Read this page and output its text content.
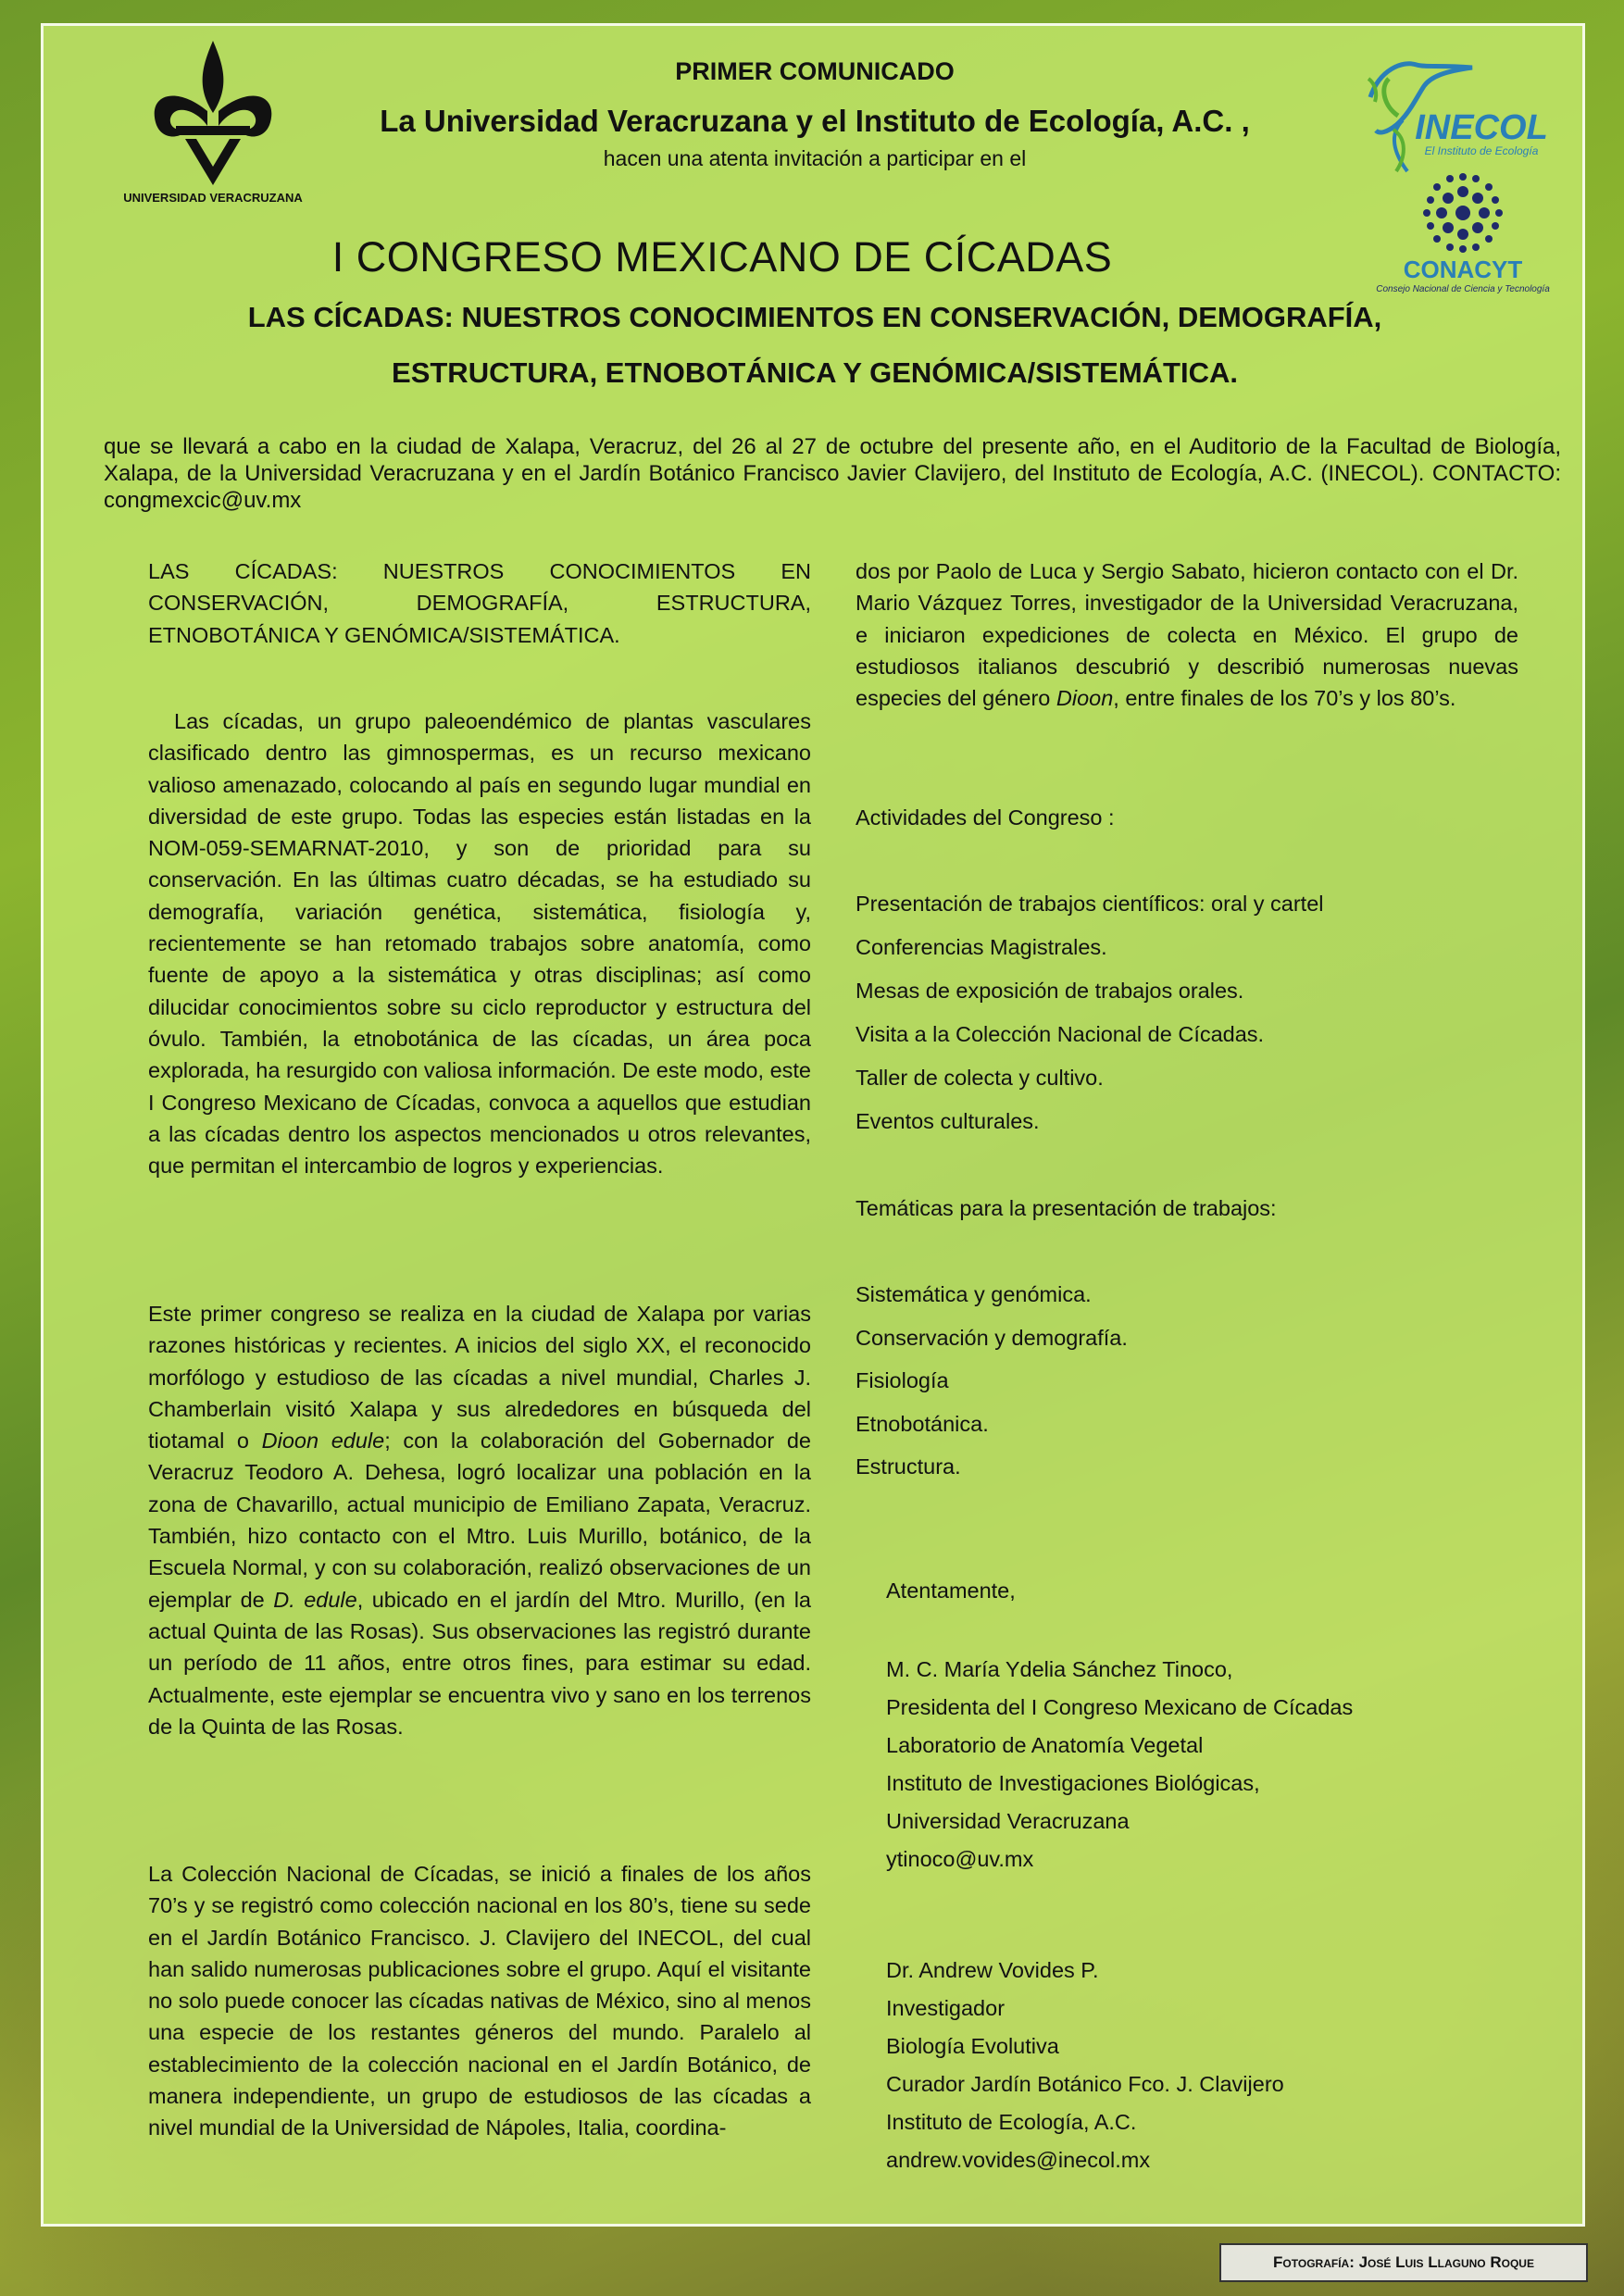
UNIVERSIDAD VERACRUZANA
INECOL
El Instituto de Ecología
CONACYT
Consejo Nacional de Ciencia y Tecnología
PRIMER COMUNICADO
La Universidad Veracruzana y el Instituto de Ecología, A.C. ,
hacen una atenta invitación a participar en el
I CONGRESO MEXICANO DE CÍCADAS
LAS CÍCADAS: NUESTROS CONOCIMIENTOS EN CONSERVACIÓN, DEMOGRAFÍA,
ESTRUCTURA, ETNOBOTÁNICA Y GENÓMICA/SISTEMÁTICA.
que se llevará a cabo en la ciudad de Xalapa, Veracruz, del 26 al 27 de octubre del presente año, en el Auditorio de la Facultad de Biología, Xalapa, de la Universidad Veracruzana y en el Jardín Botánico Francisco Javier Clavijero, del Instituto de Ecología, A.C. (INECOL). CONTACTO: congmexcic@uv.mx
LAS CÍCADAS: NUESTROS CONOCIMIENTOS EN CONSERVACIÓN, DEMOGRAFÍA, ESTRUCTURA, ETNOBOTÁNICA Y GENÓMICA/SISTEMÁTICA.
Las cícadas, un grupo paleoendémico de plantas vasculares clasificado dentro las gimnospermas, es un recurso mexicano valioso amenazado, colocando al país en segundo lugar mundial en diversidad de este grupo. Todas las especies están listadas en la NOM-059-SEMARNAT-2010, y son de prioridad para su conservación. En las últimas cuatro décadas, se ha estudiado su demografía, variación genética, sistemática, fisiología y, recientemente se han retomado trabajos sobre anatomía, como fuente de apoyo a la sistemática y otras disciplinas; así como dilucidar conocimientos sobre su ciclo reproductor y estructura del óvulo. También, la etnobotánica de las cícadas, un área poca explorada, ha resurgido con valiosa información. De este modo, este I Congreso Mexicano de Cícadas, convoca a aquellos que estudian a las cícadas dentro los aspectos mencionados u otros relevantes, que permitan el intercambio de logros y experiencias.
Este primer congreso se realiza en la ciudad de Xalapa por varias razones históricas y recientes. A inicios del siglo XX, el reconocido morfólogo y estudioso de las cícadas a nivel mundial, Charles J. Chamberlain visitó Xalapa y sus alrededores en búsqueda del tiotamal o Dioon edule; con la colaboración del Gobernador de Veracruz Teodoro A. Dehesa, logró localizar una población en la zona de Chavarillo, actual municipio de Emiliano Zapata, Veracruz. También, hizo contacto con el Mtro. Luis Murillo, botánico, de la Escuela Normal, y con su colaboración, realizó observaciones de un ejemplar de D. edule, ubicado en el jardín del Mtro. Murillo, (en la actual Quinta de las Rosas). Sus observaciones las registró durante un período de 11 años, entre otros fines, para estimar su edad. Actualmente, este ejemplar se encuentra vivo y sano en los terrenos de la Quinta de las Rosas.
La Colección Nacional de Cícadas, se inició a finales de los años 70’s y se registró como colección nacional en los 80’s, tiene su sede en el Jardín Botánico Francisco. J. Clavijero del INECOL, del cual han salido numerosas publicaciones sobre el grupo. Aquí el visitante no solo puede conocer las cícadas nativas de México, sino al menos una especie de los restantes géneros del mundo. Paralelo al establecimiento de la colección nacional en el Jardín Botánico, de manera independiente, un grupo de estudiosos de las cícadas a nivel mundial de la Universidad de Nápoles, Italia, coordina-
dos por Paolo de Luca y Sergio Sabato, hicieron contacto con el Dr. Mario Vázquez Torres, investigador de la Universidad Veracruzana, e iniciaron expediciones de colecta en México. El grupo de estudiosos italianos descubrió y describió numerosas nuevas especies del género Dioon, entre finales de los 70’s y los 80’s.
Actividades del Congreso :
Presentación de trabajos científicos: oral y cartel
Conferencias Magistrales.
Mesas de exposición de trabajos orales.
Visita a la Colección Nacional de Cícadas.
Taller de colecta y cultivo.
Eventos culturales.
Temáticas para la presentación de trabajos:
Sistemática y genómica.
Conservación y demografía.
Fisiología
Etnobotánica.
Estructura.
Atentamente,
M. C. María Ydelia Sánchez Tinoco,
Presidenta del I Congreso Mexicano de Cícadas
Laboratorio de Anatomía Vegetal
Instituto de Investigaciones Biológicas,
Universidad Veracruzana
ytinoco@uv.mx
Dr. Andrew Vovides P.
Investigador
Biología Evolutiva
Curador Jardín Botánico Fco. J. Clavijero
Instituto de Ecología, A.C.
andrew.vovides@inecol.mx
Fotografía: José Luis Llaguno Roque
